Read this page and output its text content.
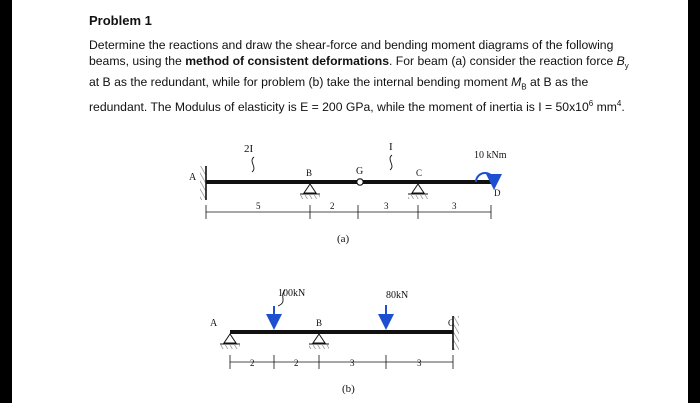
Problem 1

Determine the reactions and draw the shear-force and bending moment diagrams of the following beams, using the method of consistent deformations. For beam (a) consider the reaction force $B_y$ at B as the redundant, while for problem (b) take the internal bending moment $M_B$ at B as the redundant. The Modulus of elasticity is E = 200 GPa, while the moment of inertia is $I = 50x10^6$ $mm^4$.

A
G
B	C
2I	I
10 kNm
D
5	2	3	3
(a)
A	B	C
100kN	80kN
2	2	3	3
(b)
